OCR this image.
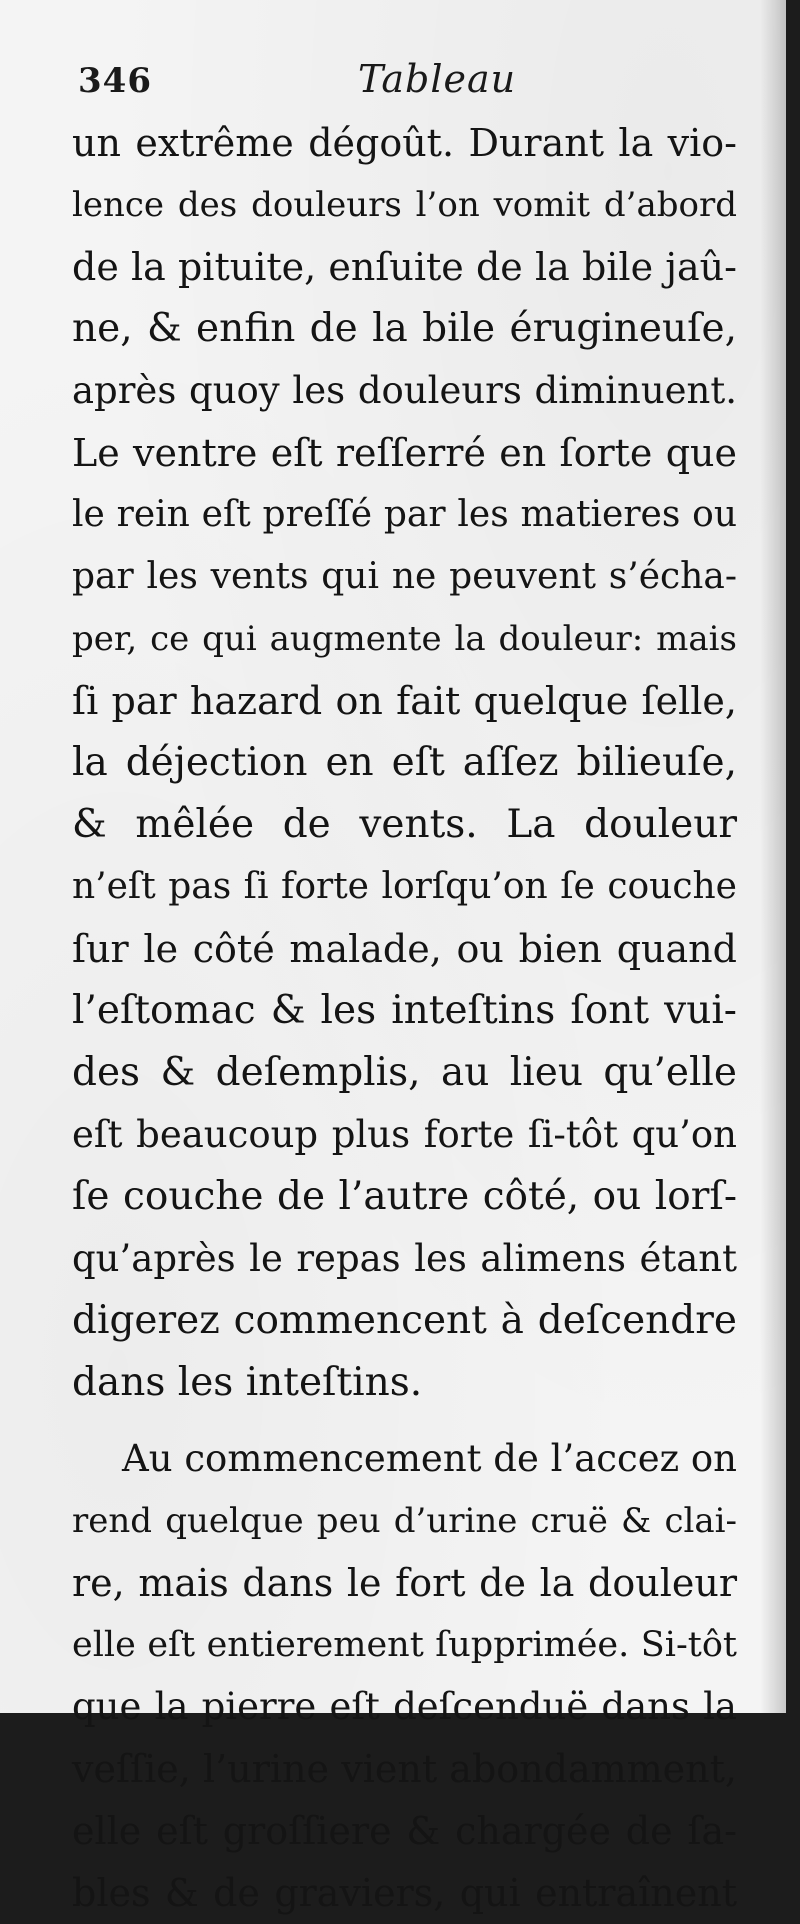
346	Tableau
un extrême dégoût. Durant la vio-
lence des douleurs l’on vomit d’abord
de la pituite, enſuite de la bile jaû-
ne, & enfin de la bile érugineuſe,
après quoy les douleurs diminuent.
Le ventre eſt reſſerré en ſorte que
le rein eſt preſſé par les matieres ou
par les vents qui ne peuvent s’écha-
per, ce qui augmente la douleur: mais
ſi par hazard on fait quelque ſelle,
la déjection en eſt aſſez bilieuſe,
& mêlée de vents. La douleur
n’eſt pas ſi forte lorſqu’on ſe couche
ſur le côté malade, ou bien quand
l’eſtomac & les inteſtins ſont vui-
des & deſemplis, au lieu qu’elle
eſt beaucoup plus forte ſi-tôt qu’on
ſe couche de l’autre côté, ou lorſ-
qu’après le repas les alimens étant
digerez commencent à deſcendre
dans les inteſtins.
Au commencement de l’accez on
rend quelque peu d’urine cruë & clai-
re, mais dans le fort de la douleur
elle eſt entierement ſupprimée. Si-tôt
que la pierre eſt deſcenduë dans la
veſſie, l’urine vient abondamment,
elle eſt groſſiere & chargée de ſa-
bles & de graviers, qui entraînent
